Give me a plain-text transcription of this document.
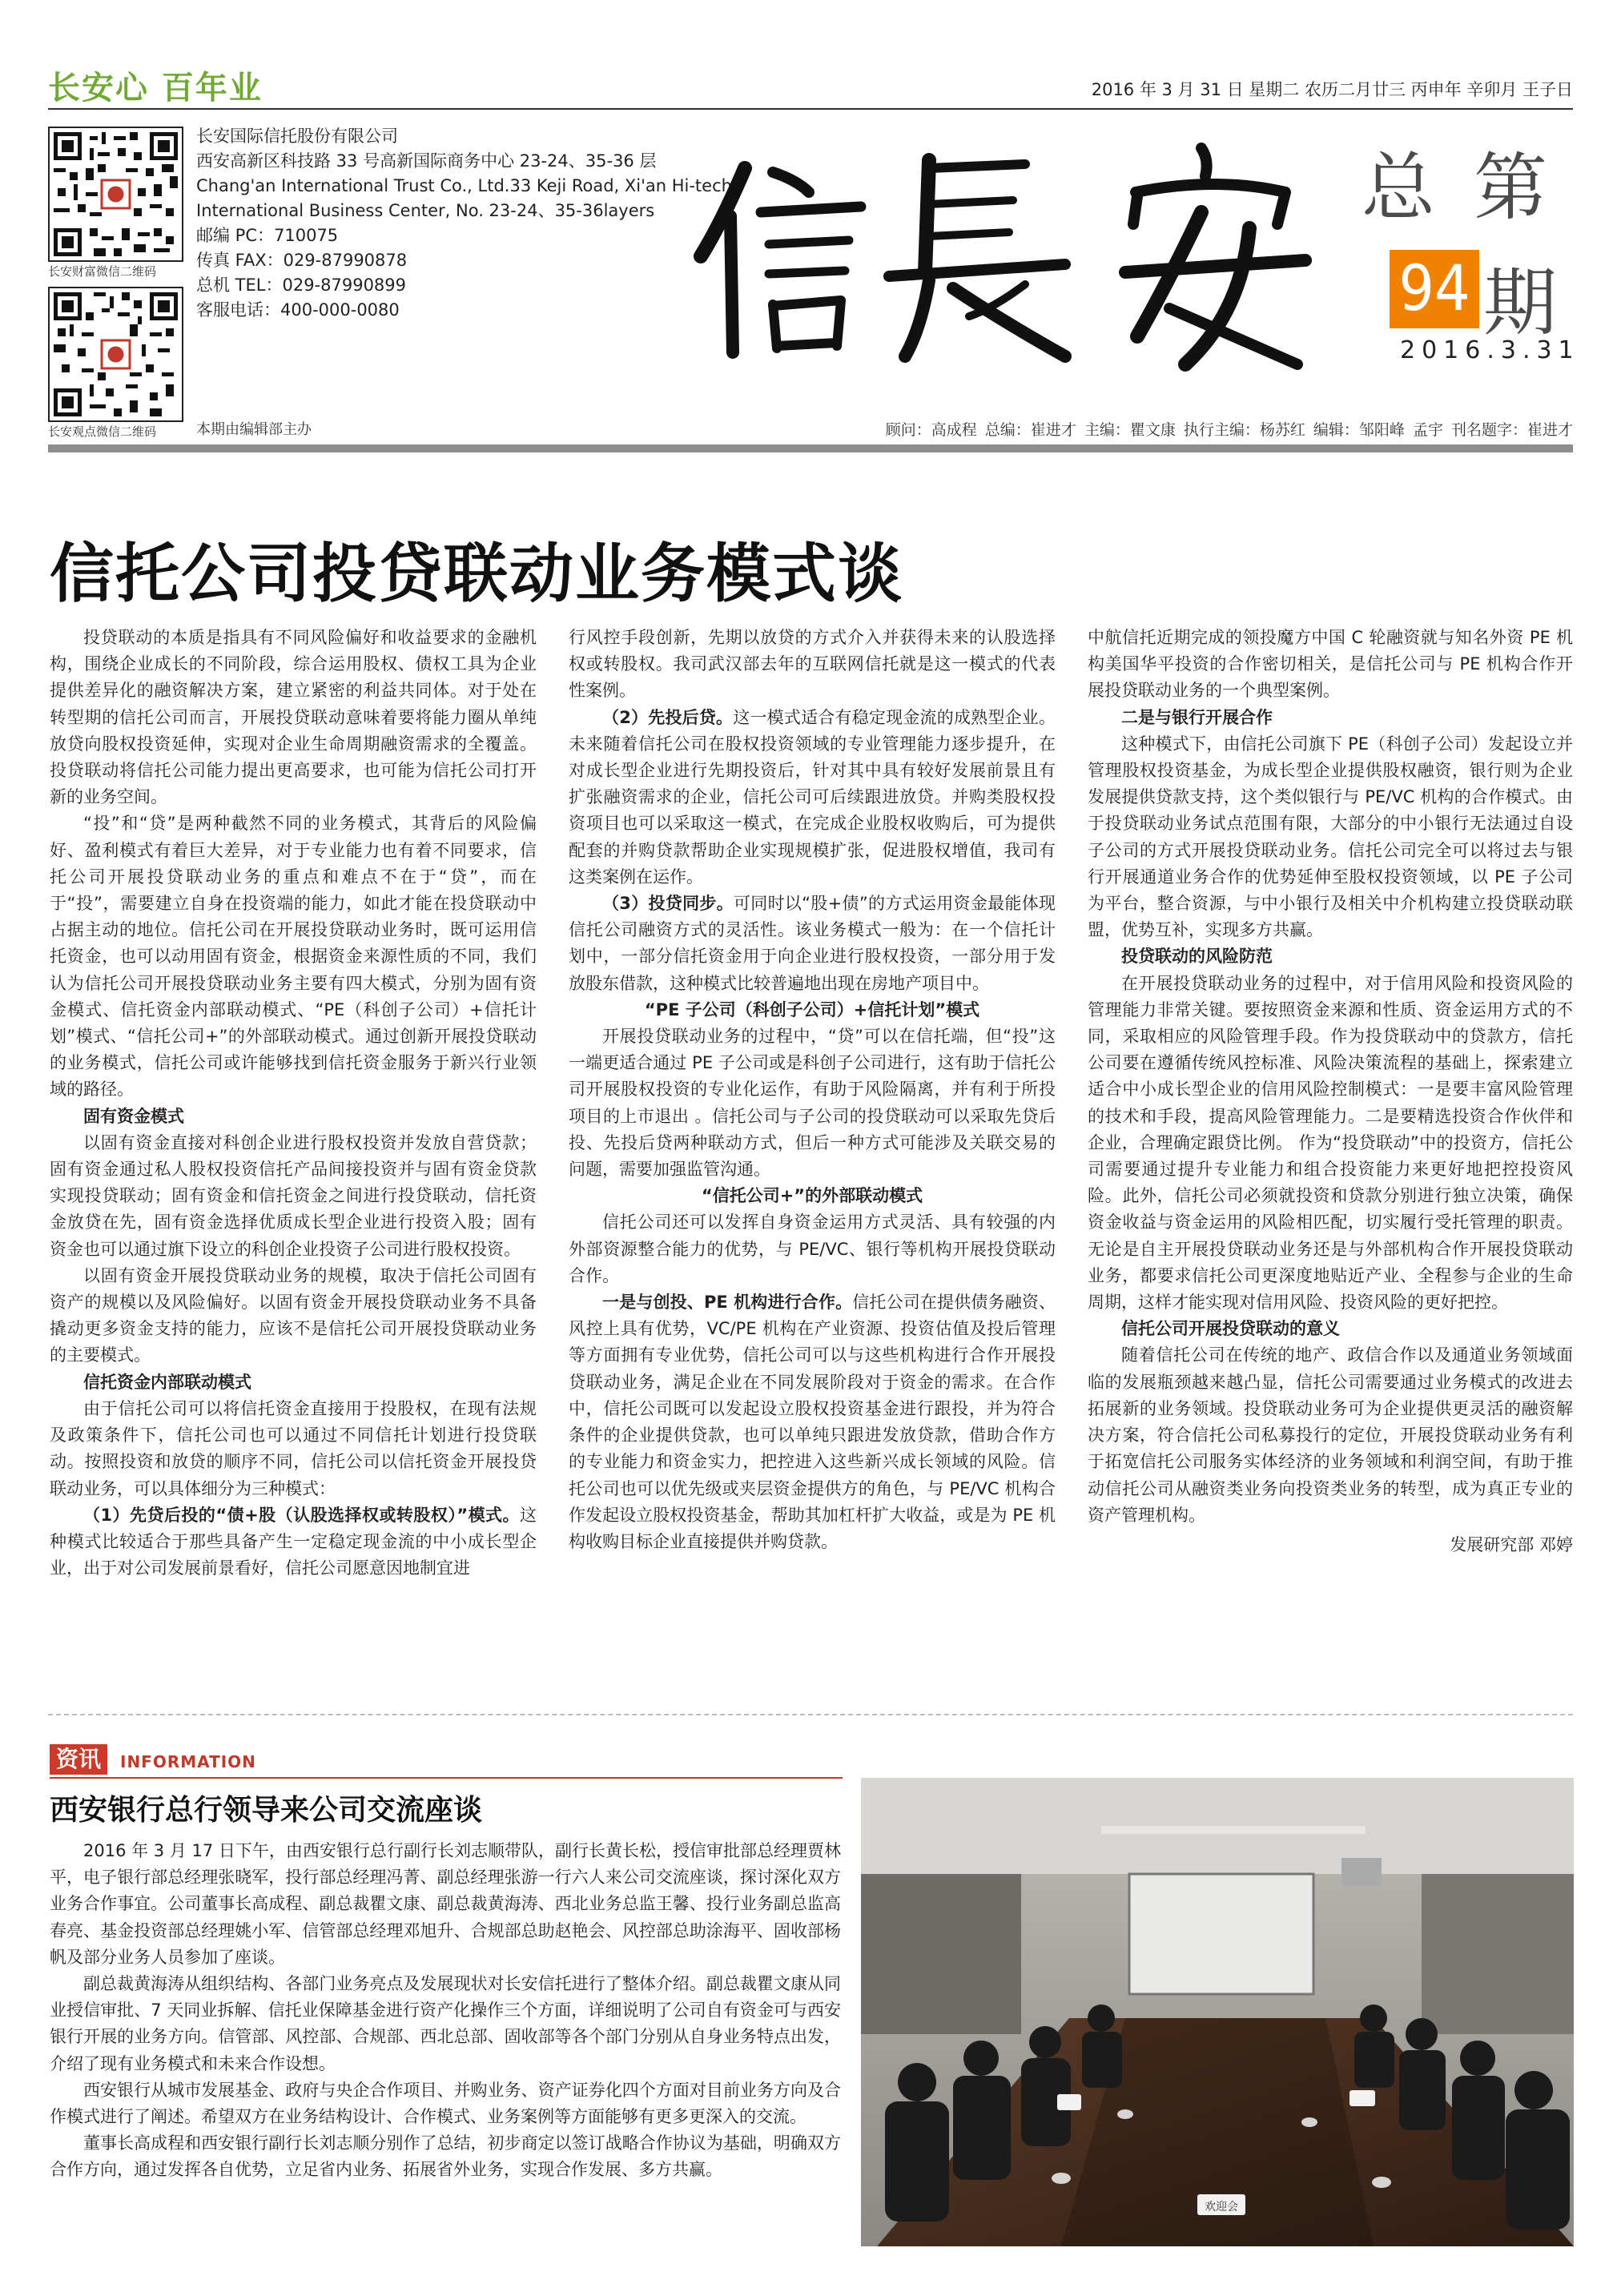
长安心 百年业	2016 年 3 月 31 日 星期二 农历二月廿三 丙申年 辛卯月 王子日
长安财富微信二维码
长安观点微信二维码
长安国际信托股份有限公司
西安高新区科技路 33 号高新国际商务中心 23-24、35-36 层
Chang'an International Trust Co., Ltd.33 Keji Road, Xi'an Hi-tech
International Business Center, No. 23-24、35-36layers
邮编 PC：710075
传真 FAX：029-87990878
总机 TEL：029-87990899
客服电话：400-000-0080
总 第
94 期
2016.3.31
本期由编辑部主办	顾问：高成程 总编：崔进才 主编：瞿文康 执行主编：杨苏红 编辑：邹阳峰 孟宇 刊名题字：崔进才
信托公司投贷联动业务模式谈

投贷联动的本质是指具有不同风险偏好和收益要求的金融机构，围绕企业成长的不同阶段，综合运用股权、债权工具为企业提供差异化的融资解决方案，建立紧密的利益共同体。对于处在转型期的信托公司而言，开展投贷联动意味着要将能力圈从单纯放贷向股权投资延伸，实现对企业生命周期融资需求的全覆盖。投贷联动将信托公司能力提出更高要求，也可能为信托公司打开新的业务空间。

“投”和“贷”是两种截然不同的业务模式，其背后的风险偏好、盈利模式有着巨大差异，对于专业能力也有着不同要求，信托公司开展投贷联动业务的重点和难点不在于“贷”，而在于“投”，需要建立自身在投资端的能力，如此才能在投贷联动中占据主动的地位。信托公司在开展投贷联动业务时，既可运用信托资金，也可以动用固有资金，根据资金来源性质的不同，我们认为信托公司开展投贷联动业务主要有四大模式，分别为固有资金模式、信托资金内部联动模式、“PE（科创子公司）+信托计划”模式、“信托公司+”的外部联动模式。通过创新开展投贷联动的业务模式，信托公司或许能够找到信托资金服务于新兴行业领域的路径。

固有资金模式

以固有资金直接对科创企业进行股权投资并发放自营贷款；固有资金通过私人股权投资信托产品间接投资并与固有资金贷款实现投贷联动；固有资金和信托资金之间进行投贷联动，信托资金放贷在先，固有资金选择优质成长型企业进行投资入股；固有资金也可以通过旗下设立的科创企业投资子公司进行股权投资。

以固有资金开展投贷联动业务的规模，取决于信托公司固有资产的规模以及风险偏好。以固有资金开展投贷联动业务不具备撬动更多资金支持的能力，应该不是信托公司开展投贷联动业务的主要模式。

信托资金内部联动模式

由于信托公司可以将信托资金直接用于投股权，在现有法规及政策条件下，信托公司也可以通过不同信托计划进行投贷联动。按照投资和放贷的顺序不同，信托公司以信托资金开展投贷联动业务，可以具体细分为三种模式：

（1）先贷后投的“债+股（认股选择权或转股权）”模式。这种模式比较适合于那些具备产生一定稳定现金流的中小成长型企业，出于对公司发展前景看好，信托公司愿意因地制宜进

行风控手段创新，先期以放贷的方式介入并获得未来的认股选择权或转股权。我司武汉部去年的互联网信托就是这一模式的代表性案例。

（2）先投后贷。这一模式适合有稳定现金流的成熟型企业。未来随着信托公司在股权投资领域的专业管理能力逐步提升，在对成长型企业进行先期投资后，针对其中具有较好发展前景且有扩张融资需求的企业，信托公司可后续跟进放贷。并购类股权投资项目也可以采取这一模式，在完成企业股权收购后，可为提供配套的并购贷款帮助企业实现规模扩张，促进股权增值，我司有这类案例在运作。

（3）投贷同步。可同时以“股+债”的方式运用资金最能体现信托公司融资方式的灵活性。该业务模式一般为：在一个信托计划中，一部分信托资金用于向企业进行股权投资，一部分用于发放股东借款，这种模式比较普遍地出现在房地产项目中。

“PE 子公司（科创子公司）+信托计划”模式

开展投贷联动业务的过程中，“贷”可以在信托端，但“投”这一端更适合通过 PE 子公司或是科创子公司进行，这有助于信托公司开展股权投资的专业化运作，有助于风险隔离，并有利于所投项目的上市退出 。信托公司与子公司的投贷联动可以采取先贷后投、先投后贷两种联动方式，但后一种方式可能涉及关联交易的问题，需要加强监管沟通。

“信托公司+”的外部联动模式

信托公司还可以发挥自身资金运用方式灵活、具有较强的内外部资源整合能力的优势，与 PE/VC、银行等机构开展投贷联动合作。

一是与创投、PE 机构进行合作。信托公司在提供债务融资、风控上具有优势，VC/PE 机构在产业资源、投资估值及投后管理等方面拥有专业优势，信托公司可以与这些机构进行合作开展投贷联动业务，满足企业在不同发展阶段对于资金的需求。在合作中，信托公司既可以发起设立股权投资基金进行跟投，并为符合条件的企业提供贷款，也可以单纯只跟进发放贷款，借助合作方的专业能力和资金实力，把控进入这些新兴成长领域的风险。信托公司也可以优先级或夹层资金提供方的角色，与 PE/VC 机构合作发起设立股权投资基金，帮助其加杠杆扩大收益，或是为 PE 机构收购目标企业直接提供并购贷款。

中航信托近期完成的领投魔方中国 C 轮融资就与知名外资 PE 机构美国华平投资的合作密切相关，是信托公司与 PE 机构合作开展投贷联动业务的一个典型案例。

二是与银行开展合作

这种模式下，由信托公司旗下 PE（科创子公司）发起设立并管理股权投资基金，为成长型企业提供股权融资，银行则为企业发展提供贷款支持，这个类似银行与 PE/VC 机构的合作模式。由于投贷联动业务试点范围有限，大部分的中小银行无法通过自设子公司的方式开展投贷联动业务。信托公司完全可以将过去与银行开展通道业务合作的优势延伸至股权投资领域，以 PE 子公司为平台，整合资源，与中小银行及相关中介机构建立投贷联动联盟，优势互补，实现多方共赢。

投贷联动的风险防范

在开展投贷联动业务的过程中，对于信用风险和投资风险的管理能力非常关键。要按照资金来源和性质、资金运用方式的不同，采取相应的风险管理手段。作为投贷联动中的贷款方，信托公司要在遵循传统风控标准、风险决策流程的基础上，探索建立适合中小成长型企业的信用风险控制模式：一是要丰富风险管理的技术和手段，提高风险管理能力。二是要精选投资合作伙伴和企业，合理确定跟贷比例。 作为“投贷联动”中的投资方，信托公司需要通过提升专业能力和组合投资能力来更好地把控投资风险。此外，信托公司必须就投资和贷款分别进行独立决策，确保资金收益与资金运用的风险相匹配，切实履行受托管理的职责。无论是自主开展投贷联动业务还是与外部机构合作开展投贷联动业务，都要求信托公司更深度地贴近产业、全程参与企业的生命周期，这样才能实现对信用风险、投资风险的更好把控。

信托公司开展投贷联动的意义

随着信托公司在传统的地产、政信合作以及通道业务领域面临的发展瓶颈越来越凸显，信托公司需要通过业务模式的改进去拓展新的业务领域。投贷联动业务可为企业提供更灵活的融资解决方案，符合信托公司私募投行的定位，开展投贷联动业务有利于拓宽信托公司服务实体经济的业务领域和利润空间，有助于推动信托公司从融资类业务向投资类业务的转型，成为真正专业的资产管理机构。

发展研究部 邓婷

资讯	INFORMATION
西安银行总行领导来公司交流座谈

2016 年 3 月 17 日下午，由西安银行总行副行长刘志顺带队，副行长黄长松，授信审批部总经理贾林平，电子银行部总经理张晓军，投行部总经理冯菁、副总经理张游一行六人来公司交流座谈，探讨深化双方业务合作事宜。公司董事长高成程、副总裁瞿文康、副总裁黄海涛、西北业务总监王馨、投行业务副总监高春亮、基金投资部总经理姚小军、信管部总经理邓旭升、合规部总助赵艳会、风控部总助涂海平、固收部杨帆及部分业务人员参加了座谈。

副总裁黄海涛从组织结构、各部门业务亮点及发展现状对长安信托进行了整体介绍。副总裁瞿文康从同业授信审批、7 天同业拆解、信托业保障基金进行资产化操作三个方面，详细说明了公司自有资金可与西安银行开展的业务方向。信管部、风控部、合规部、西北总部、固收部等各个部门分别从自身业务特点出发，介绍了现有业务模式和未来合作设想。

西安银行从城市发展基金、政府与央企合作项目、并购业务、资产证券化四个方面对目前业务方向及合作模式进行了阐述。希望双方在业务结构设计、合作模式、业务案例等方面能够有更多更深入的交流。

董事长高成程和西安银行副行长刘志顺分别作了总结，初步商定以签订战略合作协议为基础，明确双方合作方向，通过发挥各自优势，立足省内业务、拓展省外业务，实现合作发展、多方共赢。

欢迎会
